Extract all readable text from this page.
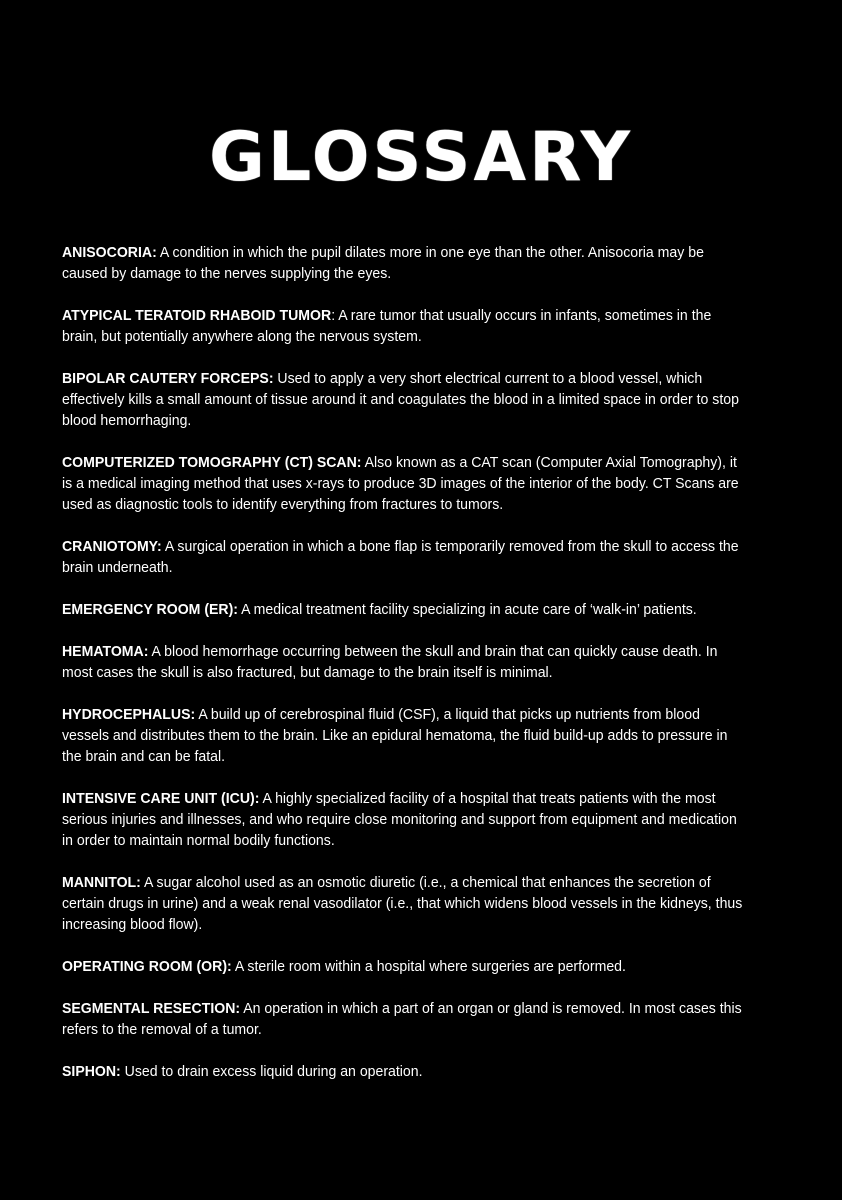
GLOSSARY

ANISOCORIA: A condition in which the pupil dilates more in one eye than the other. Anisocoria may be caused by damage to the nerves supplying the eyes.

ATYPICAL TERATOID RHABOID TUMOR: A rare tumor that usually occurs in infants, sometimes in the brain, but potentially anywhere along the nervous system.

BIPOLAR CAUTERY FORCEPS: Used to apply a very short electrical current to a blood vessel, which effectively kills a small amount of tissue around it and coagulates the blood in a limited space in order to stop blood hemorrhaging.

COMPUTERIZED TOMOGRAPHY (CT) SCAN: Also known as a CAT scan (Computer Axial Tomography), it is a medical imaging method that uses x-rays to produce 3D images of the interior of the body. CT Scans are used as diagnostic tools to identify everything from fractures to tumors.

CRANIOTOMY: A surgical operation in which a bone flap is temporarily removed from the skull to access the brain underneath.

EMERGENCY ROOM (ER): A medical treatment facility specializing in acute care of ‘walk-in’ patients.

HEMATOMA: A blood hemorrhage occurring between the skull and brain that can quickly cause death. In most cases the skull is also fractured, but damage to the brain itself is minimal.

HYDROCEPHALUS: A build up of cerebrospinal fluid (CSF), a liquid that picks up nutrients from blood vessels and distributes them to the brain. Like an epidural hematoma, the fluid build-up adds to pressure in the brain and can be fatal.

INTENSIVE CARE UNIT (ICU): A highly specialized facility of a hospital that treats patients with the most serious injuries and illnesses, and who require close monitoring and support from equipment and medication in order to maintain normal bodily functions.

MANNITOL: A sugar alcohol used as an osmotic diuretic (i.e., a chemical that enhances the secretion of certain drugs in urine) and a weak renal vasodilator (i.e., that which widens blood vessels in the kidneys, thus increasing blood flow).

OPERATING ROOM (OR): A sterile room within a hospital where surgeries are performed.

SEGMENTAL RESECTION: An operation in which a part of an organ or gland is removed. In most cases this refers to the removal of a tumor.

SIPHON: Used to drain excess liquid during an operation.
